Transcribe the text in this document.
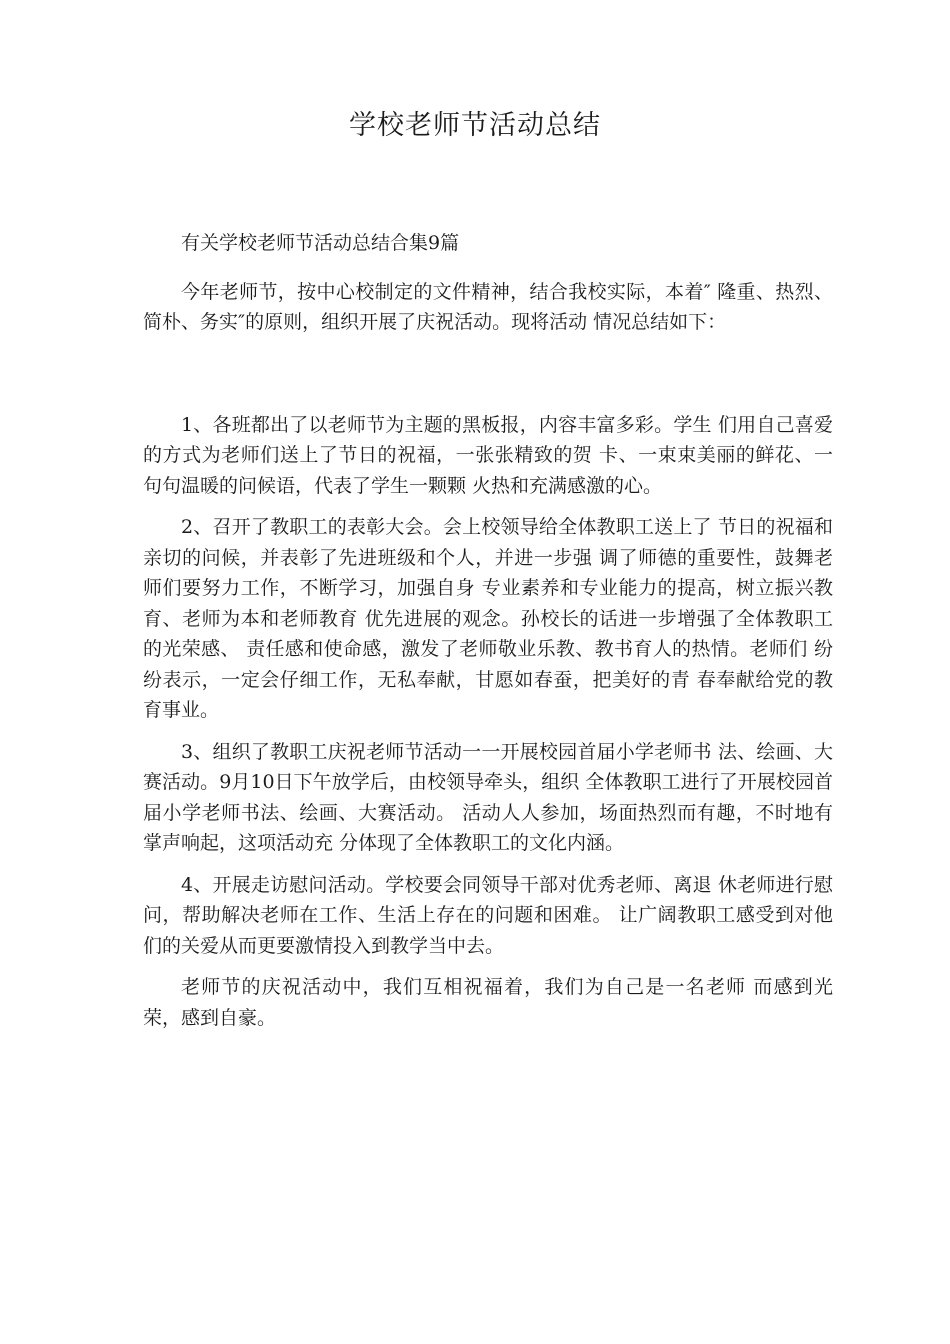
学校老师节活动总结

有关学校老师节活动总结合集9篇

今年老师节，按中心校制定的文件精神，结合我校实际，本着″ 隆重、热烈、简朴、务实″的原则，组织开展了庆祝活动。现将活动 情况总结如下：

1、各班都出了以老师节为主题的黑板报，内容丰富多彩。学生 们用自己喜爱的方式为老师们送上了节日的祝福，一张张精致的贺 卡、一束束美丽的鲜花、一句句温暖的问候语，代表了学生一颗颗 火热和充满感激的心。

2、召开了教职工的表彰大会。会上校领导给全体教职工送上了 节日的祝福和亲切的问候，并表彰了先进班级和个人，并进一步强 调了师德的重要性，鼓舞老师们要努力工作，不断学习，加强自身 专业素养和专业能力的提高，树立振兴教育、老师为本和老师教育 优先进展的观念。孙校长的话进一步增强了全体教职工的光荣感、 责任感和使命感，激发了老师敬业乐教、教书育人的热情。老师们 纷纷表示，一定会仔细工作，无私奉献，甘愿如春蚕，把美好的青 春奉献给党的教育事业。

3、组织了教职工庆祝老师节活动一一开展校园首届小学老师书 法、绘画、大赛活动。9月10日下午放学后，由校领导牵头，组织 全体教职工进行了开展校园首届小学老师书法、绘画、大赛活动。 活动人人参加，场面热烈而有趣，不时地有掌声响起，这项活动充 分体现了全体教职工的文化内涵。

4、开展走访慰问活动。学校要会同领导干部对优秀老师、离退 休老师进行慰问，帮助解决老师在工作、生活上存在的问题和困难。 让广阔教职工感受到对他们的关爱从而更要激情投入到教学当中去。

老师节的庆祝活动中，我们互相祝福着，我们为自己是一名老师 而感到光荣，感到自豪。
